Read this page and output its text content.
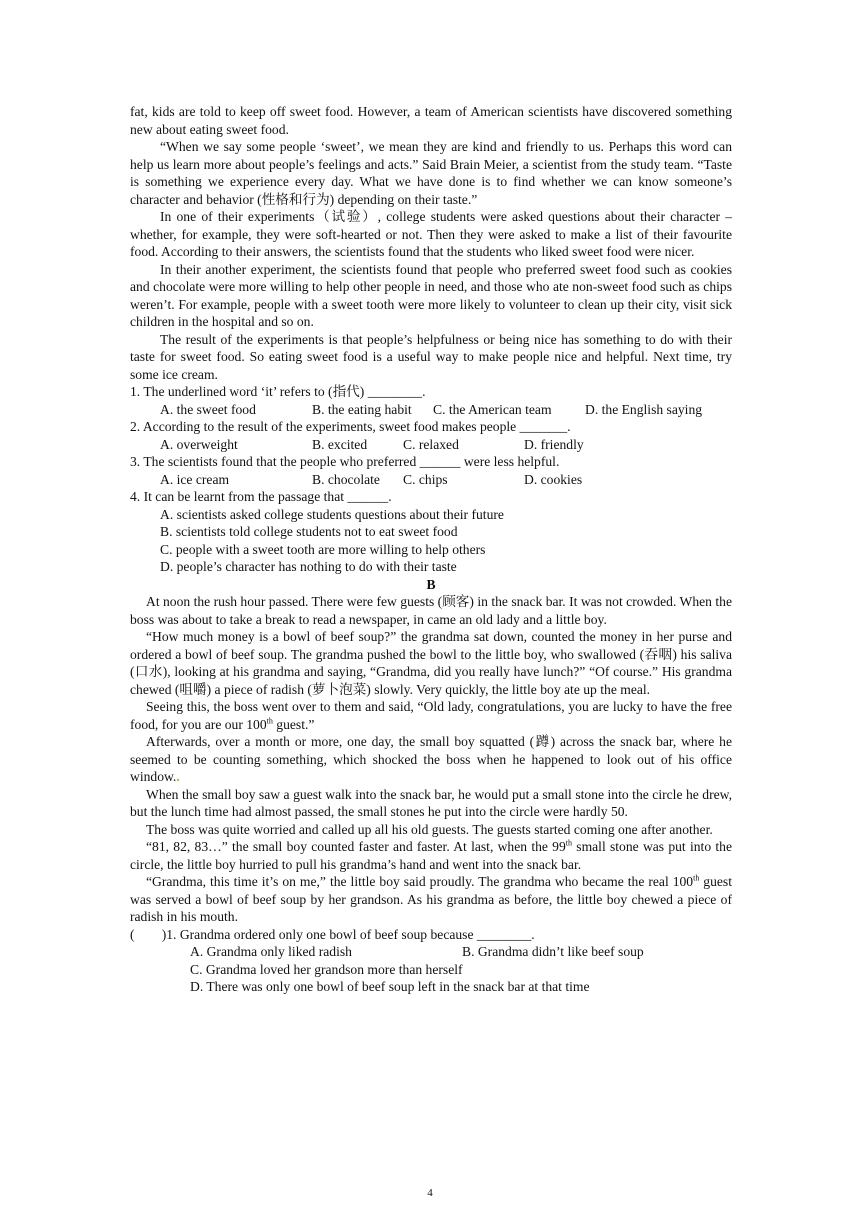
fat, kids are told to keep off sweet food. However, a team of American scientists have discovered something new about eating sweet food.

“When we say some people ‘sweet’, we mean they are kind and friendly to us. Perhaps this word can help us learn more about people’s feelings and acts.” Said Brain Meier, a scientist from the study team. “Taste is something we experience every day. What we have done is to find whether we can know someone’s character and behavior (性格和行为) depending on their taste.”

In one of their experiments（试验）, college students were asked questions about their character – whether, for example, they were soft-hearted or not. Then they were asked to make a list of their favourite food. According to their answers, the scientists found that the students who liked sweet food were nicer.

In their another experiment, the scientists found that people who preferred sweet food such as cookies and chocolate were more willing to help other people in need, and those who ate non-sweet food such as chips weren’t. For example, people with a sweet tooth were more likely to volunteer to clean up their city, visit sick children in the hospital and so on.

The result of the experiments is that people’s helpfulness or being nice has something to do with their taste for sweet food. So eating sweet food is a useful way to make people nice and helpful. Next time, try some ice cream.

1. The underlined word ‘it’ refers to (指代) ________.

A. the sweet food	B. the eating habit	C. the American team	D. the English saying

2. According to the result of the experiments, sweet food makes people _______.

A. overweight	B. excited	C. relaxed	D. friendly

3. The scientists found that the people who preferred ______ were less helpful.

A. ice cream	B. chocolate	C. chips	D. cookies

4. It can be learnt from the passage that ______.

A. scientists asked college students questions about their future

B. scientists told college students not to eat sweet food

C. people with a sweet tooth are more willing to help others

D. people’s character has nothing to do with their taste

B

At noon the rush hour passed. There were few guests (顾客) in the snack bar. It was not crowded. When the boss was about to take a break to read a newspaper, in came an old lady and a little boy.

“How much money is a bowl of beef soup?” the grandma sat down, counted the money in her purse and ordered a bowl of beef soup. The grandma pushed the bowl to the little boy, who swallowed (吞咽) his saliva (口水), looking at his grandma and saying, “Grandma, did you really have lunch?” “Of course.” His grandma chewed (咀嚼) a piece of radish (萝卜泡菜) slowly. Very quickly, the little boy ate up the meal.

Seeing this, the boss went over to them and said, “Old lady, congratulations, you are lucky to have the free food, for you are our 100th guest.”

Afterwards, over a month or more, one day, the small boy squatted (蹲) across the snack bar, where he seemed to be counting something, which shocked the boss when he happened to look out of his office window..

When the small boy saw a guest walk into the snack bar, he would put a small stone into the circle he drew, but the lunch time had almost passed, the small stones he put into the circle were hardly 50.

The boss was quite worried and called up all his old guests. The guests started coming one after another.

“81, 82, 83…” the small boy counted faster and faster. At last, when the 99th small stone was put into the circle, the little boy hurried to pull his grandma’s hand and went into the snack bar.

“Grandma, this time it’s on me,” the little boy said proudly. The grandma who became the real 100th guest was served a bowl of beef soup by her grandson. As his grandma as before, the little boy chewed a piece of radish in his mouth.

(        )1. Grandma ordered only one bowl of beef soup because ________.

A. Grandma only liked radish	B. Grandma didn’t like beef soup

C. Grandma loved her grandson more than herself

D. There was only one bowl of beef soup left in the snack bar at that time

4
